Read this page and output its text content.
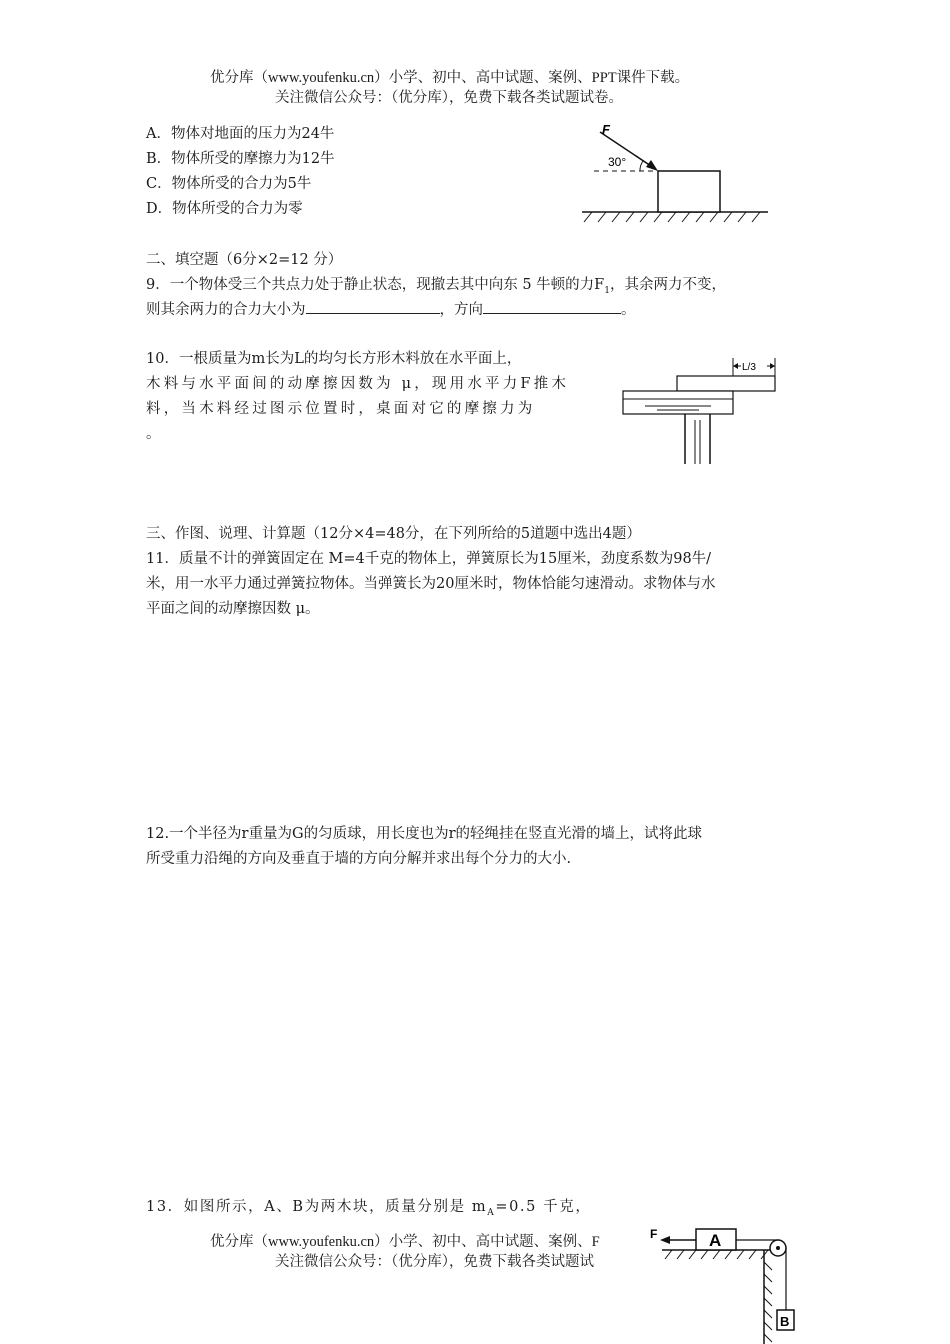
优分库（www.youfenku.cn）小学、初中、高中试题、案例、PPT课件下载。
关注微信公众号：（优分库），免费下载各类试题试卷。
A．物体对地面的压力为24牛
B．物体所受的摩擦力为12牛
C．物体所受的合力为5牛
D．物体所受的合力为零
F
30°
二、填空题（6分×2=12 分）
9．一个物体受三个共点力处于静止状态，现撤去其中向东 5 牛顿的力$F_1$，其余两力不变，
则其余两力的合力大小为	，方向	。
10．一根质量为m长为L的均匀长方形木料放在水平面上，
木料与水平面间的动摩擦因数为 μ，现用水平力F推木
料，当木料经过图示位置时，桌面对它的摩擦力为
。
L/3
三、作图、说理、计算题（12分×4=48分，在下列所给的5道题中选出4题）
11．质量不计的弹簧固定在 M=4千克的物体上，弹簧原长为15厘米，劲度系数为98牛/
米，用一水平力通过弹簧拉物体。当弹簧长为20厘米时，物体恰能匀速滑动。求物体与水
平面之间的动摩擦因数 μ。
12.一个半径为r重量为G的匀质球，用长度也为r的轻绳挂在竖直光滑的墙上，试将此球
所受重力沿绳的方向及垂直于墙的方向分解并求出每个分力的大小.
13．如图所示，A、B为两木块，质量分别是 $m_A=0.5$ 千克，
优分库（www.youfenku.cn）小学、初中、高中试题、案例、F
关注微信公众号：（优分库），免费下载各类试题试
A
F
B
